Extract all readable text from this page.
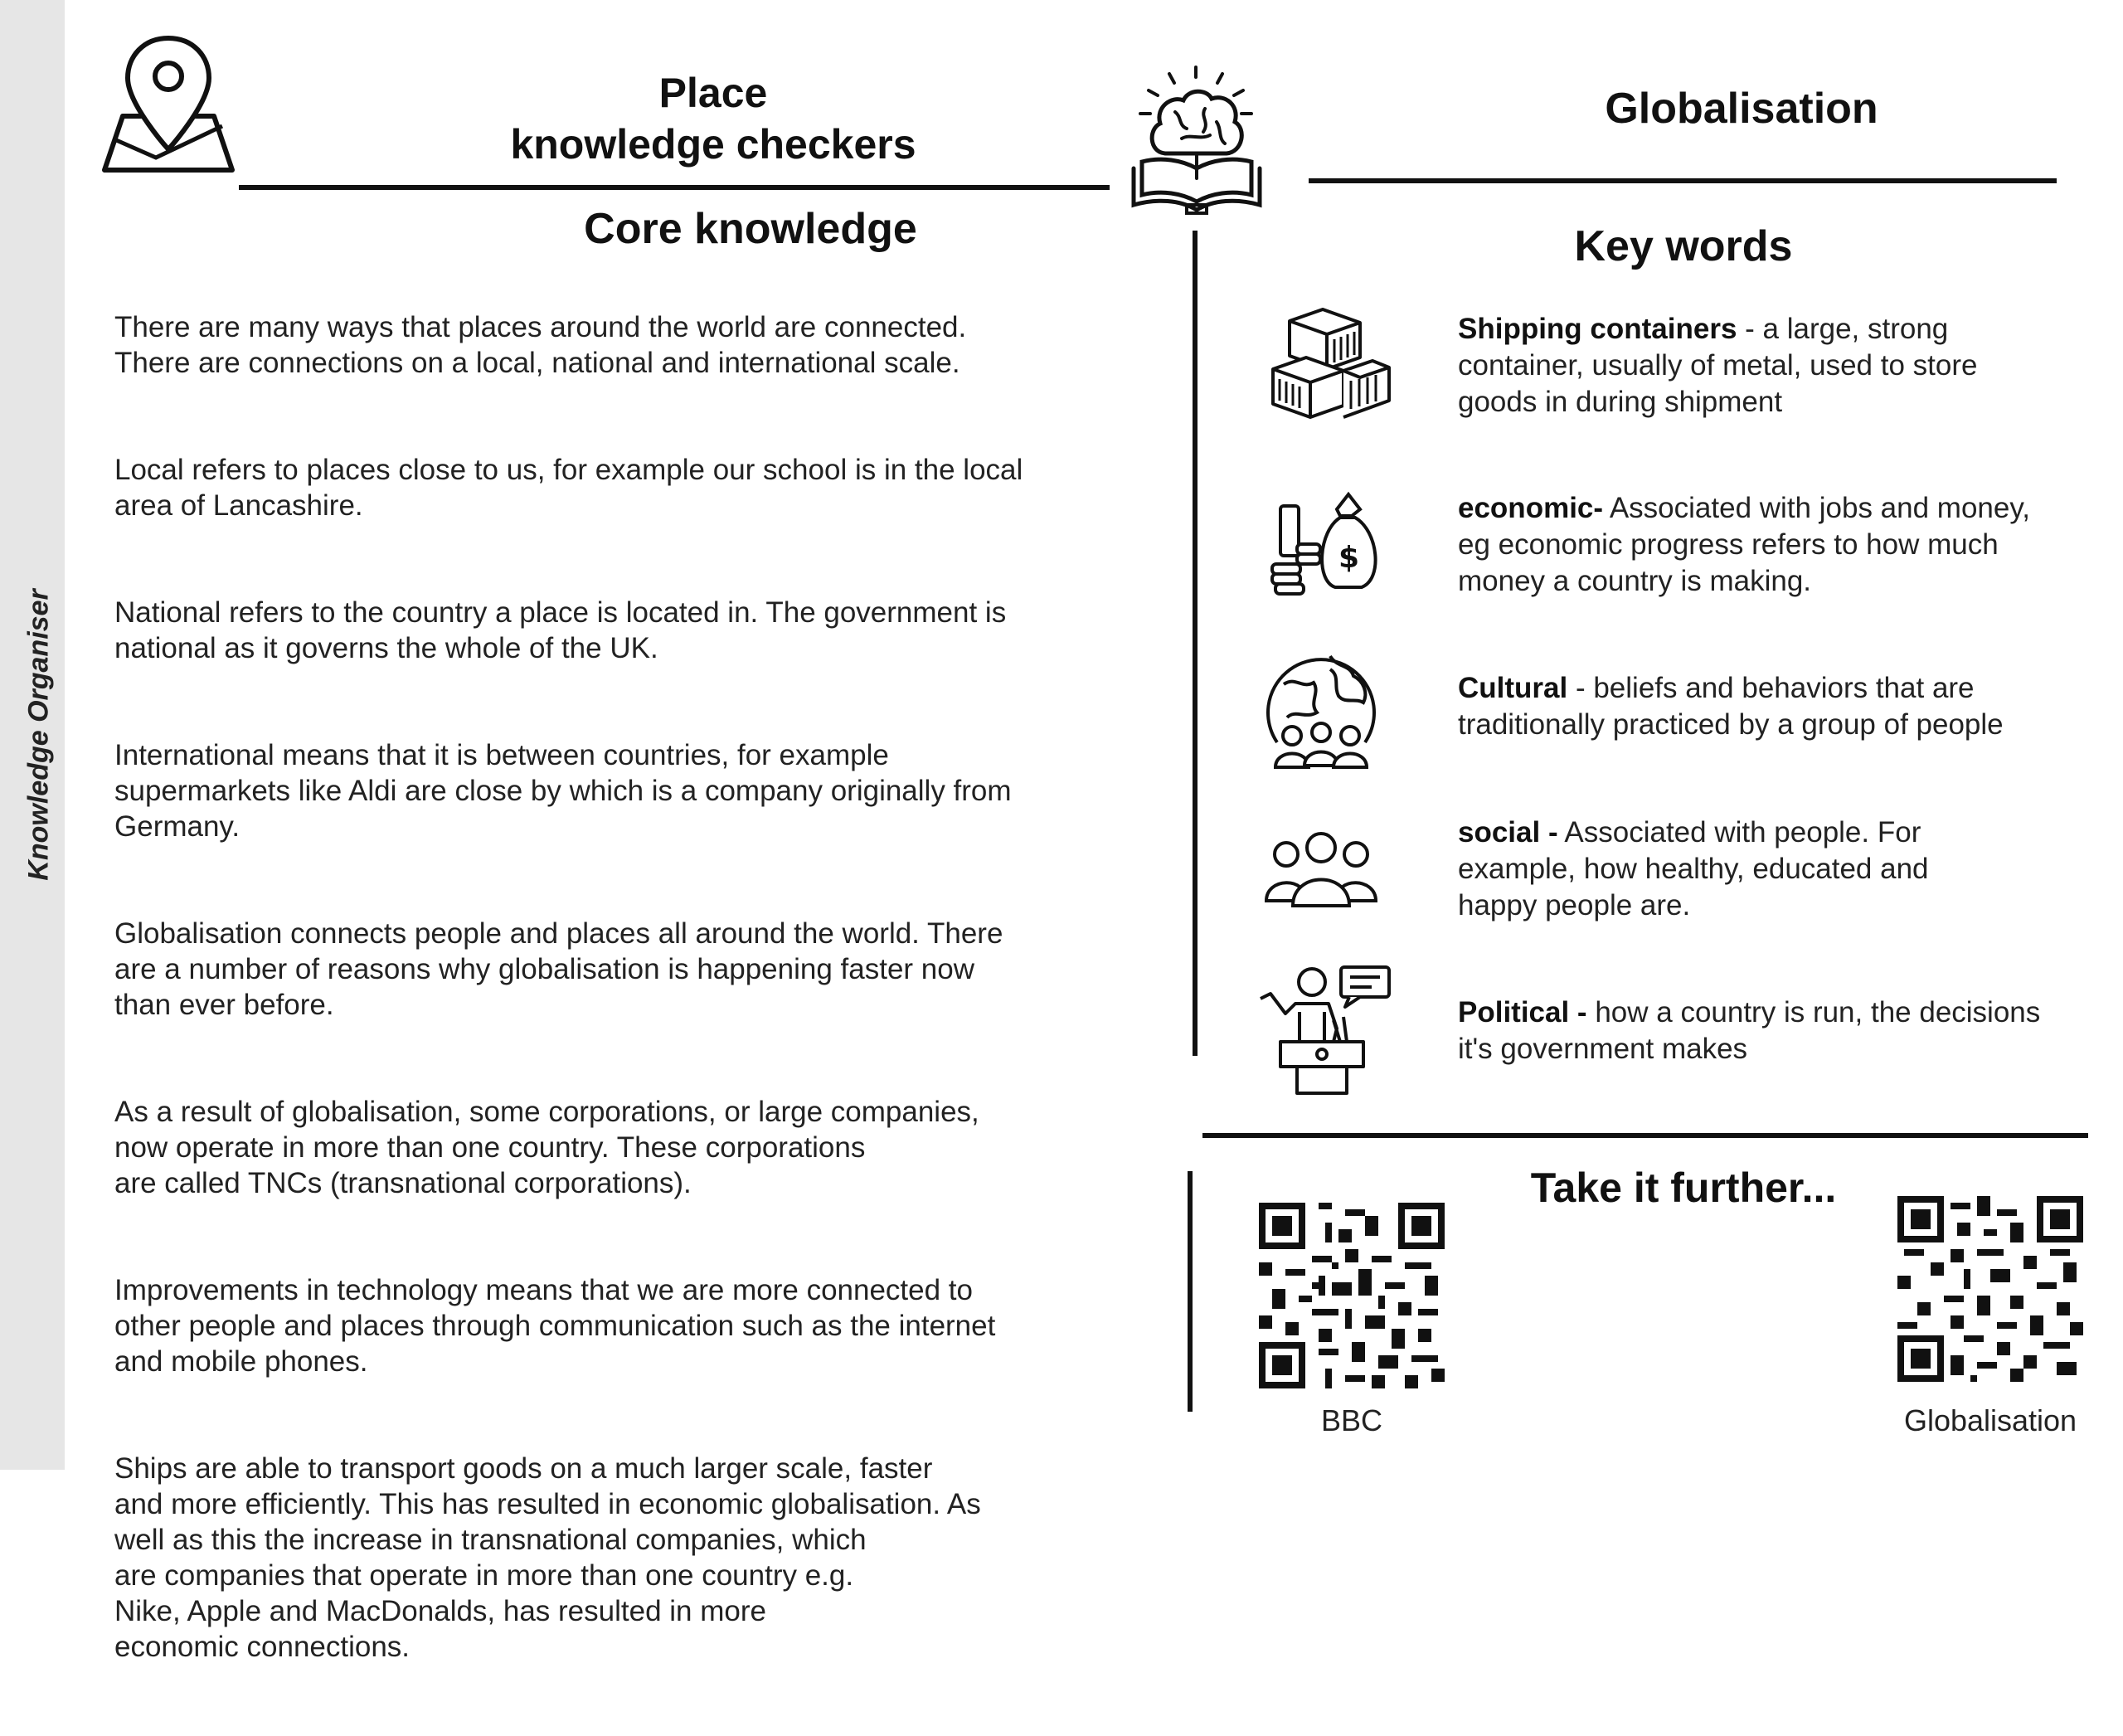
Knowledge Organiser
Place
knowledge checkers
Globalisation
Core knowledge

There are many ways that places around the world are connected.
There are connections on a local, national and international scale.

Local refers to places close to us, for example our school is in the local
area of Lancashire.

National refers to the country a place is located in. The government is
national as it governs the whole of the UK.

International means that it is between countries, for example
supermarkets like Aldi are close by which is a company originally from
Germany.

Globalisation connects people and places all around the world. There
are a number of reasons why globalisation is happening faster now
than ever before.

As a result of globalisation, some corporations, or large companies,
now operate in more than one country. These corporations
are called TNCs (transnational corporations).

Improvements in technology means that we are more connected to
other people and places through communication such as the internet
and mobile phones.

Ships are able to transport goods on a much larger scale, faster
and more efficiently. This has resulted in economic globalisation. As
well as this the increase in transnational companies, which
are companies that operate in more than one country e.g.
Nike, Apple and MacDonalds, has resulted in more
economic connections.

Key words
Shipping containers - a large, strong
container, usually of metal, used to store
goods in during shipment
$
economic- Associated with jobs and money,
eg economic progress refers to how much
money a country is making.
Cultural - beliefs and behaviors that are
traditionally practiced by a group of people
social - Associated with people. For
example, how healthy, educated and
happy people are.
Political - how a country is run, the decisions
it's government makes
Take it further...
BBC	Globalisation
